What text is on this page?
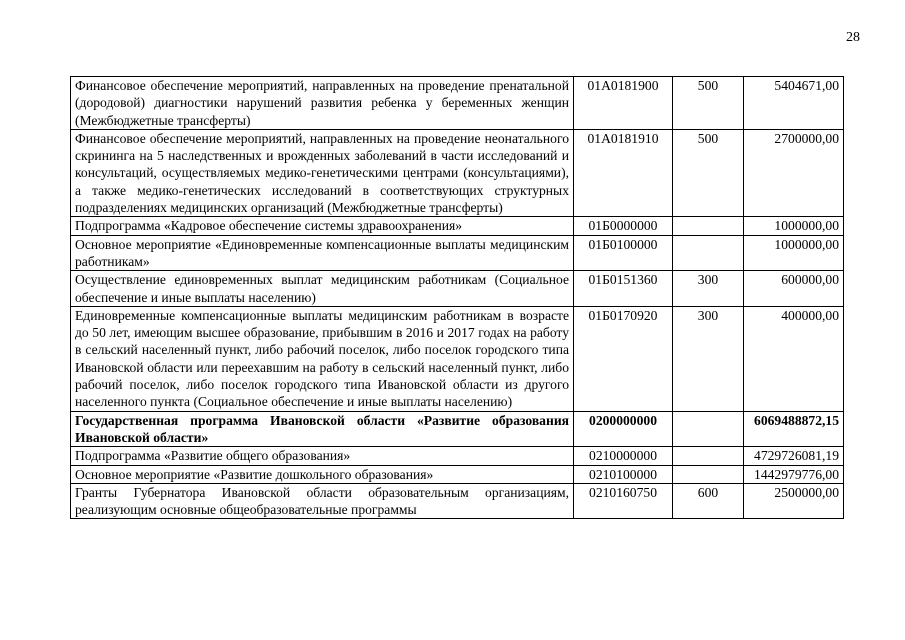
28
Финансовое обеспечение мероприятий, направленных на проведение пренатальной (дородовой) диагностики нарушений развития ребенка у беременных женщин (Межбюджетные трансферты)	01А0181900	500	5404671,00
Финансовое обеспечение мероприятий, направленных на проведение неонатального скрининга на 5 наследственных и врожденных заболеваний в части исследований и консультаций, осуществляемых медико-генетическими центрами (консультациями), а также медико-генетических исследований в соответствующих структурных подразделениях медицинских организаций (Межбюджетные трансферты)	01А0181910	500	2700000,00
Подпрограмма «Кадровое обеспечение системы здравоохранения»	01Б0000000		1000000,00
Основное мероприятие «Единовременные компенсационные выплаты медицинским работникам»	01Б0100000		1000000,00
Осуществление единовременных выплат медицинским работникам (Социальное обеспечение и иные выплаты населению)	01Б0151360	300	600000,00
Единовременные компенсационные выплаты медицинским работникам в возрасте до 50 лет, имеющим высшее образование, прибывшим в 2016 и 2017 годах на работу в сельский населенный пункт, либо рабочий поселок, либо поселок городского типа Ивановской области или переехавшим на работу в сельский населенный пункт, либо рабочий поселок, либо поселок городского типа Ивановской области из другого населенного пункта (Социальное обеспечение и иные выплаты населению)	01Б0170920	300	400000,00
Государственная программа Ивановской области «Развитие образования Ивановской области»	0200000000		6069488872,15
Подпрограмма «Развитие общего образования»	0210000000		4729726081,19
Основное мероприятие «Развитие дошкольного образования»	0210100000		1442979776,00
Гранты Губернатора Ивановской области образовательным организациям, реализующим основные общеобразовательные программы	0210160750	600	2500000,00
